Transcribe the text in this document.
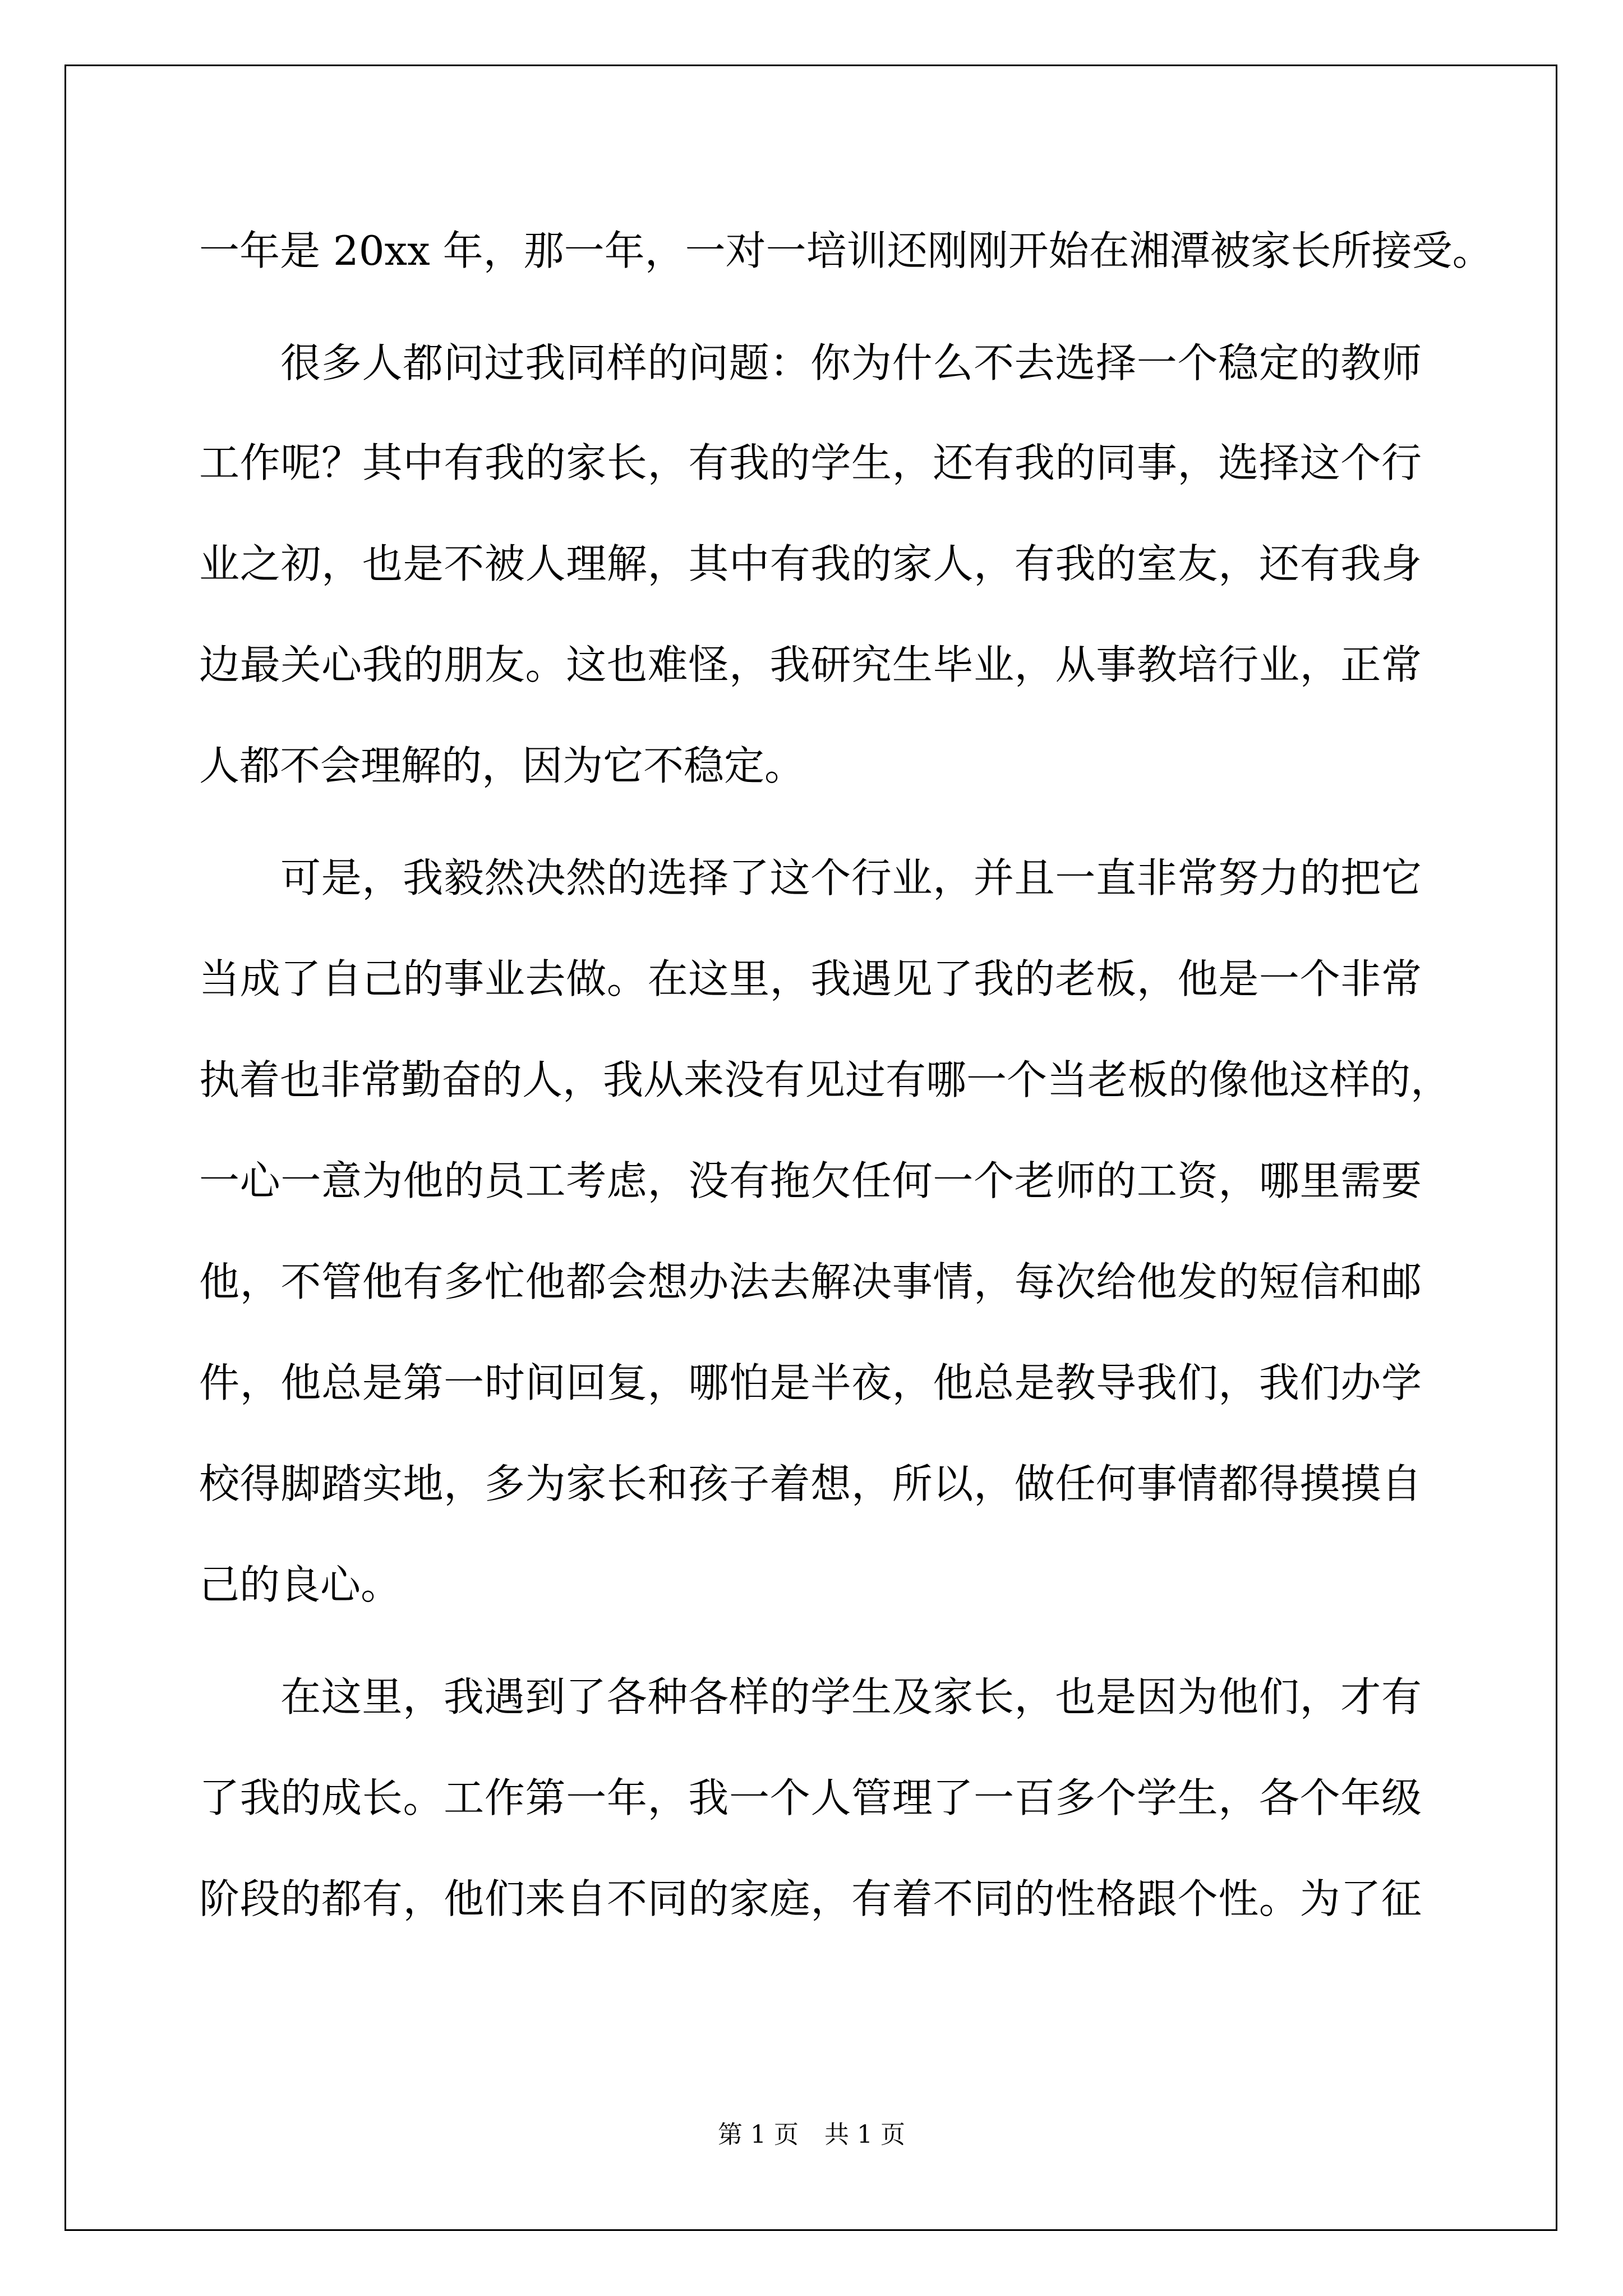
一年是 20xx 年，那一年，一对一培训还刚刚开始在湘潭被家长所接受。
很多人都问过我同样的问题：你为什么不去选择一个稳定的教师
工作呢？其中有我的家长，有我的学生，还有我的同事，选择这个行
业之初，也是不被人理解，其中有我的家人，有我的室友，还有我身
边最关心我的朋友。这也难怪，我研究生毕业，从事教培行业，正常
人都不会理解的，因为它不稳定。
可是，我毅然决然的选择了这个行业，并且一直非常努力的把它
当成了自己的事业去做。在这里，我遇见了我的老板，他是一个非常
执着也非常勤奋的人，我从来没有见过有哪一个当老板的像他这样的，
一心一意为他的员工考虑，没有拖欠任何一个老师的工资，哪里需要
他，不管他有多忙他都会想办法去解决事情，每次给他发的短信和邮
件，他总是第一时间回复，哪怕是半夜，他总是教导我们，我们办学
校得脚踏实地，多为家长和孩子着想，所以，做任何事情都得摸摸自
己的良心。
在这里，我遇到了各种各样的学生及家长，也是因为他们，才有
了我的成长。工作第一年，我一个人管理了一百多个学生，各个年级
阶段的都有，他们来自不同的家庭，有着不同的性格跟个性。为了征
第 1 页 共 1 页
